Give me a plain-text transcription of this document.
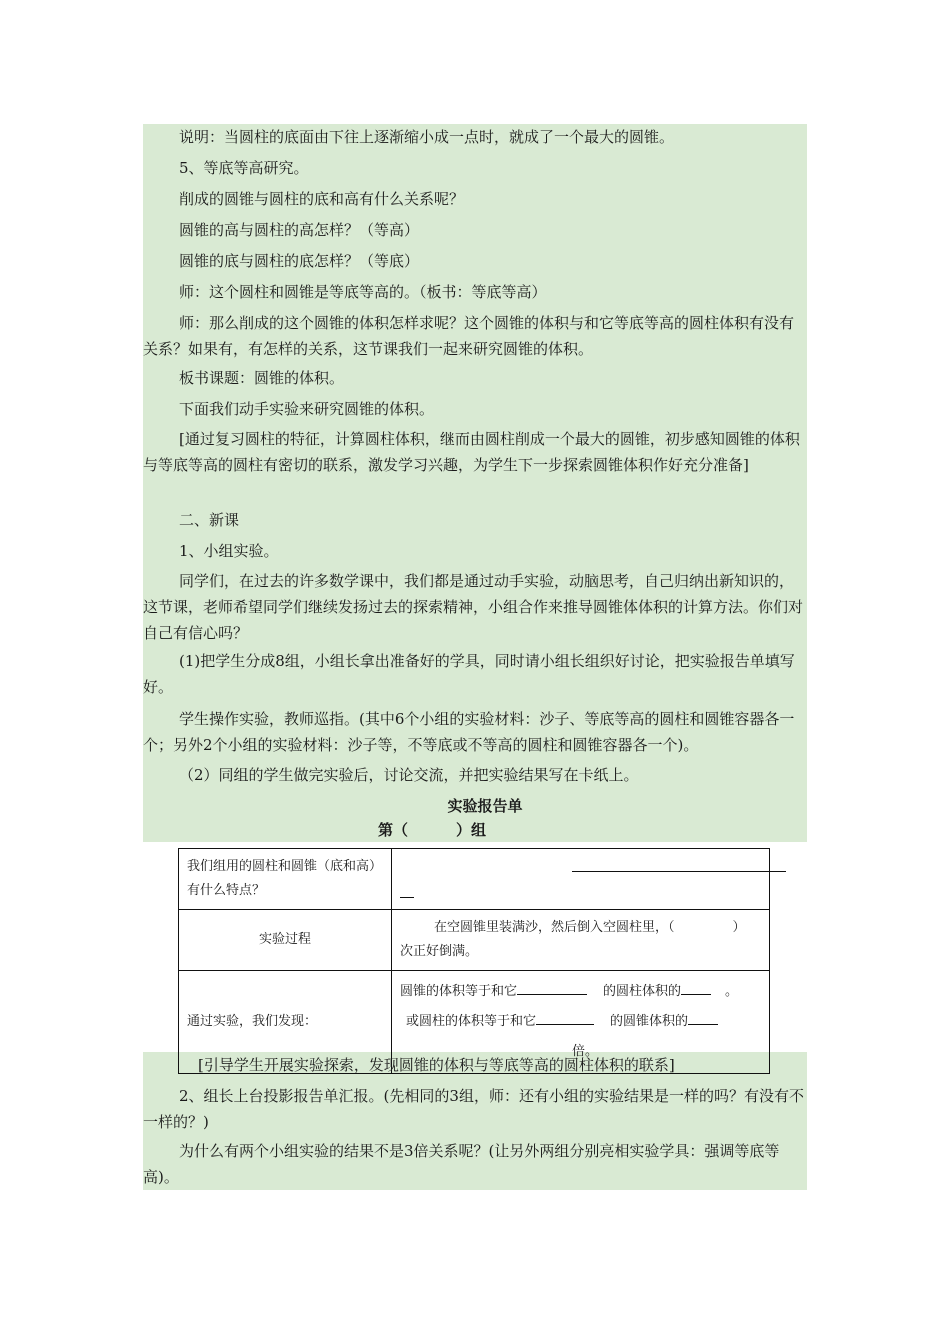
说明：当圆柱的底面由下往上逐渐缩小成一点时，就成了一个最大的圆锥。
5、等底等高研究。
削成的圆锥与圆柱的底和高有什么关系呢？
圆锥的高与圆柱的高怎样？（等高）
圆锥的底与圆柱的底怎样？（等底）
师：这个圆柱和圆锥是等底等高的。（板书：等底等高）
师：那么削成的这个圆锥的体积怎样求呢？这个圆锥的体积与和它等底等高的圆柱体积有没有关系？如果有，有怎样的关系，这节课我们一起来研究圆锥的体积。
板书课题：圆锥的体积。
下面我们动手实验来研究圆锥的体积。
[通过复习圆柱的特征，计算圆柱体积，继而由圆柱削成一个最大的圆锥，初步感知圆锥的体积与等底等高的圆柱有密切的联系，激发学习兴趣，为学生下一步探索圆锥体积作好充分准备]
二、新课
1、小组实验。
同学们，在过去的许多数学课中，我们都是通过动手实验，动脑思考，自己归纳出新知识的，这节课，老师希望同学们继续发扬过去的探索精神，小组合作来推导圆锥体体积的计算方法。你们对自己有信心吗？
(1)把学生分成8组，小组长拿出准备好的学具，同时请小组长组织好讨论，把实验报告单填写好。
学生操作实验，教师巡指。(其中6个小组的实验材料：沙子、等底等高的圆柱和圆锥容器各一个；另外2个小组的实验材料：沙子等，不等底或不等高的圆柱和圆锥容器各一个)。
（2）同组的学生做完实验后，讨论交流，并把实验结果写在卡纸上。
实验报告单
第（	）组
我们组用的圆柱和圆锥（底和高）有什么特点？	

实验过程	在空圆锥里装满沙，然后倒入空圆柱里，（ ）
次正好倒满。
通过实验，我们发现：	圆锥的体积等于和它 的圆柱体积的 。
或圆柱的体积等于和它 的圆锥体积的
倍。
[引导学生开展实验探索，发现圆锥的体积与等底等高的圆柱体积的联系]
2、组长上台投影报告单汇报。(先相同的3组，师：还有小组的实验结果是一样的吗？有没有不一样的？)
为什么有两个小组实验的结果不是3倍关系呢？(让另外两组分别亮相实验学具：强调等底等高)。
